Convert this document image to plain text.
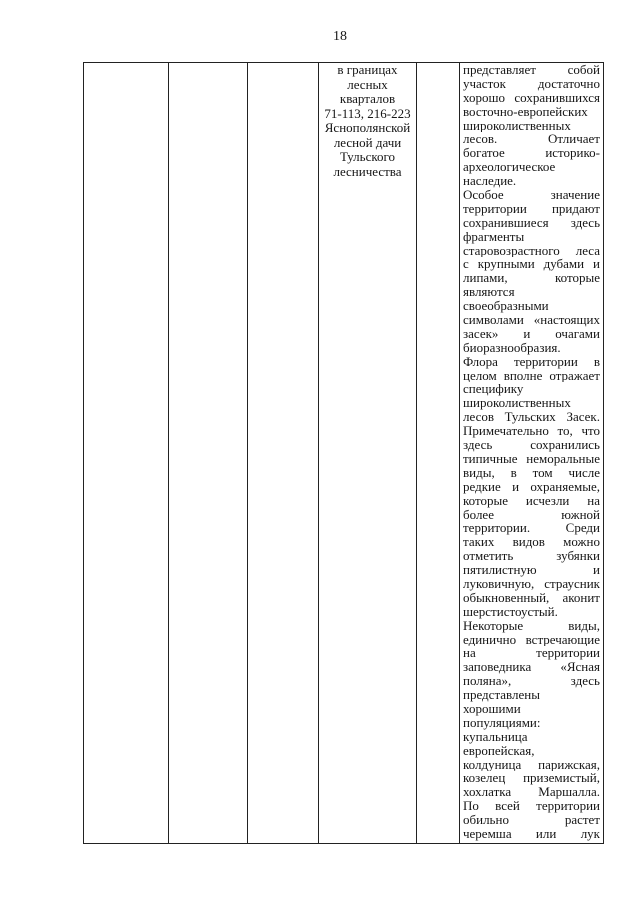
18
в границах
лесных
кварталов
71-113, 216-223
Яснополянской
лесной дачи
Тульского
лесничества
представляет собой
участок достаточно
хорошо сохранившихся
восточно-европейских
широколиственных
лесов. Отличает
богатое историко-
археологическое
наследие.
Особое значение
территории придают
сохранившиеся здесь
фрагменты
старовозрастного леса
с крупными дубами и
липами, которые
являются
своеобразными
символами «настоящих
засек» и очагами
биоразнообразия.
Флора территории в
целом вполне отражает
специфику
широколиственных
лесов Тульских Засек.
Примечательно то, что
здесь сохранились
типичные неморальные
виды, в том числе
редкие и охраняемые,
которые исчезли на
более южной
территории. Среди
таких видов можно
отметить зубянки
пятилистную и
луковичную, страусник
обыкновенный, аконит
шерстистоустый.
Некоторые виды,
единично встречающие
на территории
заповедника «Ясная
поляна», здесь
представлены
хорошими
популяциями:
купальница
европейская,
колдуница парижская,
козелец приземистый,
хохлатка Маршалла.
По всей территории
обильно растет
черемша или лук
